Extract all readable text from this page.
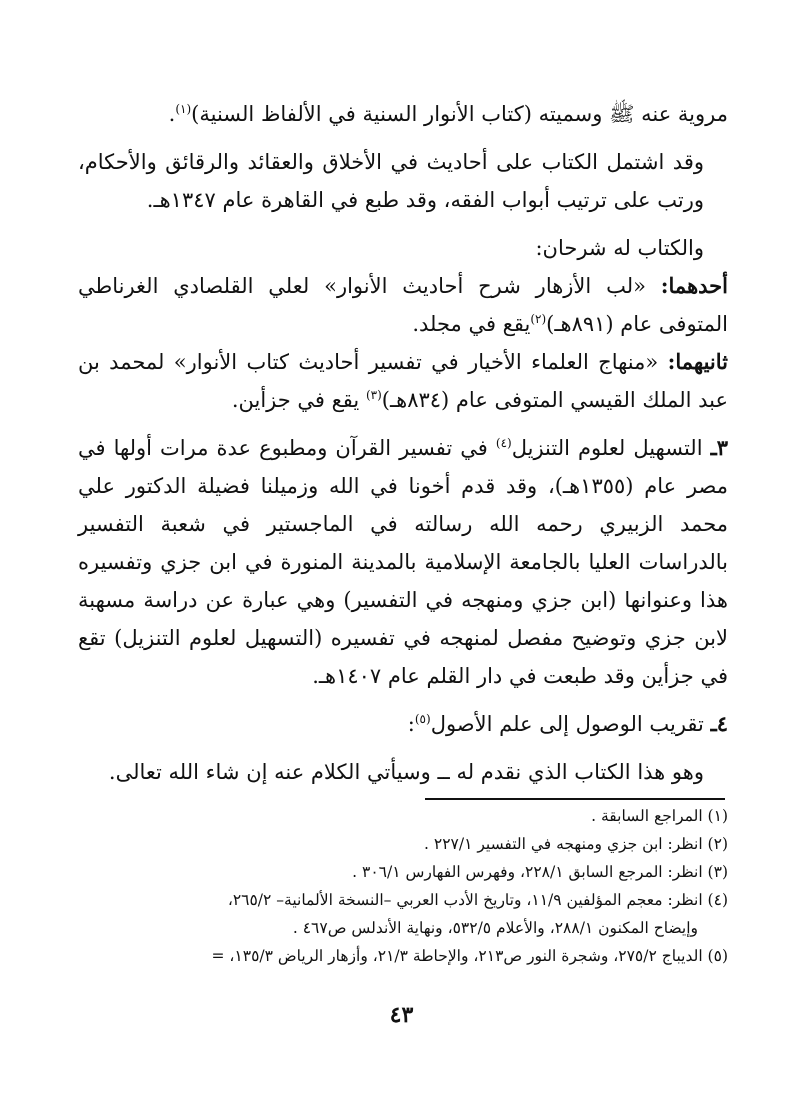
مروية عنه ﷺ وسميته (كتاب الأنوار السنية في الألفاظ السنية)$^{(١)}$.

وقد اشتمل الكتاب على أحاديث في الأخلاق والعقائد والرقائق والأحكام، ورتب على ترتيب أبواب الفقه، وقد طبع في القاهرة عام ١٣٤٧هـ.

والكتاب له شرحان:

أحدهما: «لب الأزهار شرح أحاديث الأنوار» لعلي القلصادي الغرناطي المتوفى عام (٨٩١هـ)$^{(٢)}$يقع في مجلد.

ثانيهما: «منهاج العلماء الأخيار في تفسير أحاديث كتاب الأنوار» لمحمد بن عبد الملك القيسي المتوفى عام (٨٣٤هـ)$^{(٣)}$ يقع في جزأين.

٣ـ التسهيل لعلوم التنزيل$^{(٤)}$ في تفسير القرآن ومطبوع عدة مرات أولها في مصر عام (١٣٥٥هـ)، وقد قدم أخونا في الله وزميلنا فضيلة الدكتور علي محمد الزبيري رحمه الله رسالته في الماجستير في شعبة التفسير بالدراسات العليا بالجامعة الإسلامية بالمدينة المنورة في ابن جزي وتفسيره هذا وعنوانها (ابن جزي ومنهجه في التفسير) وهي عبارة عن دراسة مسهبة لابن جزي وتوضيح مفصل لمنهجه في تفسيره (التسهيل لعلوم التنزيل) تقع في جزأين وقد طبعت في دار القلم عام ١٤٠٧هـ.

٤ـ تقريب الوصول إلى علم الأصول$^{(٥)}$:

وهو هذا الكتاب الذي نقدم له ــ وسيأتي الكلام عنه إن شاء الله تعالى.

(١) المراجع السابقة .

(٢) انظر: ابن جزي ومنهجه في التفسير ٢٢٧/١ .

(٣) انظر: المرجع السابق ٢٢٨/١، وفهرس الفهارس ٣٠٦/١ .

(٤) انظر: معجم المؤلفين ١١/٩، وتاريخ الأدب العربي –النسخة الألمانية– ٢٦٥/٢،

وإيضاح المكنون ٢٨٨/١، والأعلام ٥٣٢/٥، ونهاية الأندلس ص٤٦٧ .

(٥) الديباج ٢٧٥/٢، وشجرة النور ص٢١٣، والإحاطة ٢١/٣، وأزهار الرياض ١٣٥/٣، =

٤٣
